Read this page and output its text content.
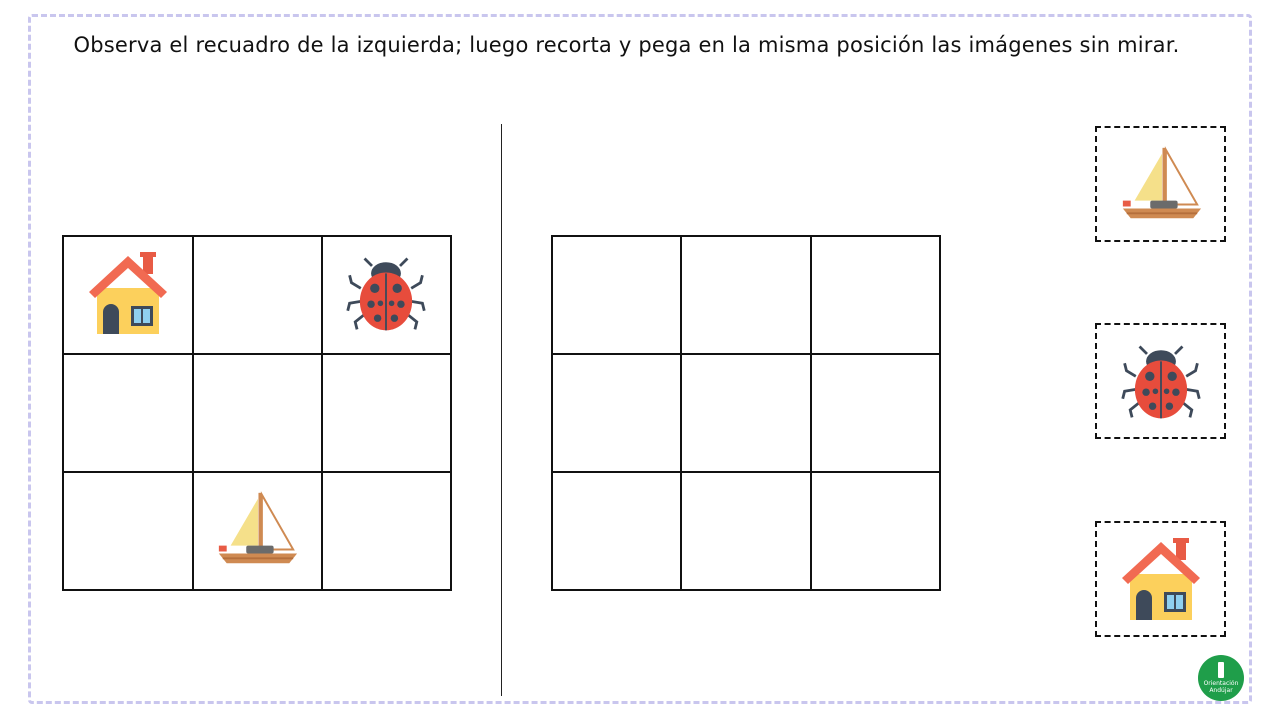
Observa el recuadro de la izquierda; luego recorta y pega en la misma posición las imágenes sin mirar.

Orientación
Andújar
